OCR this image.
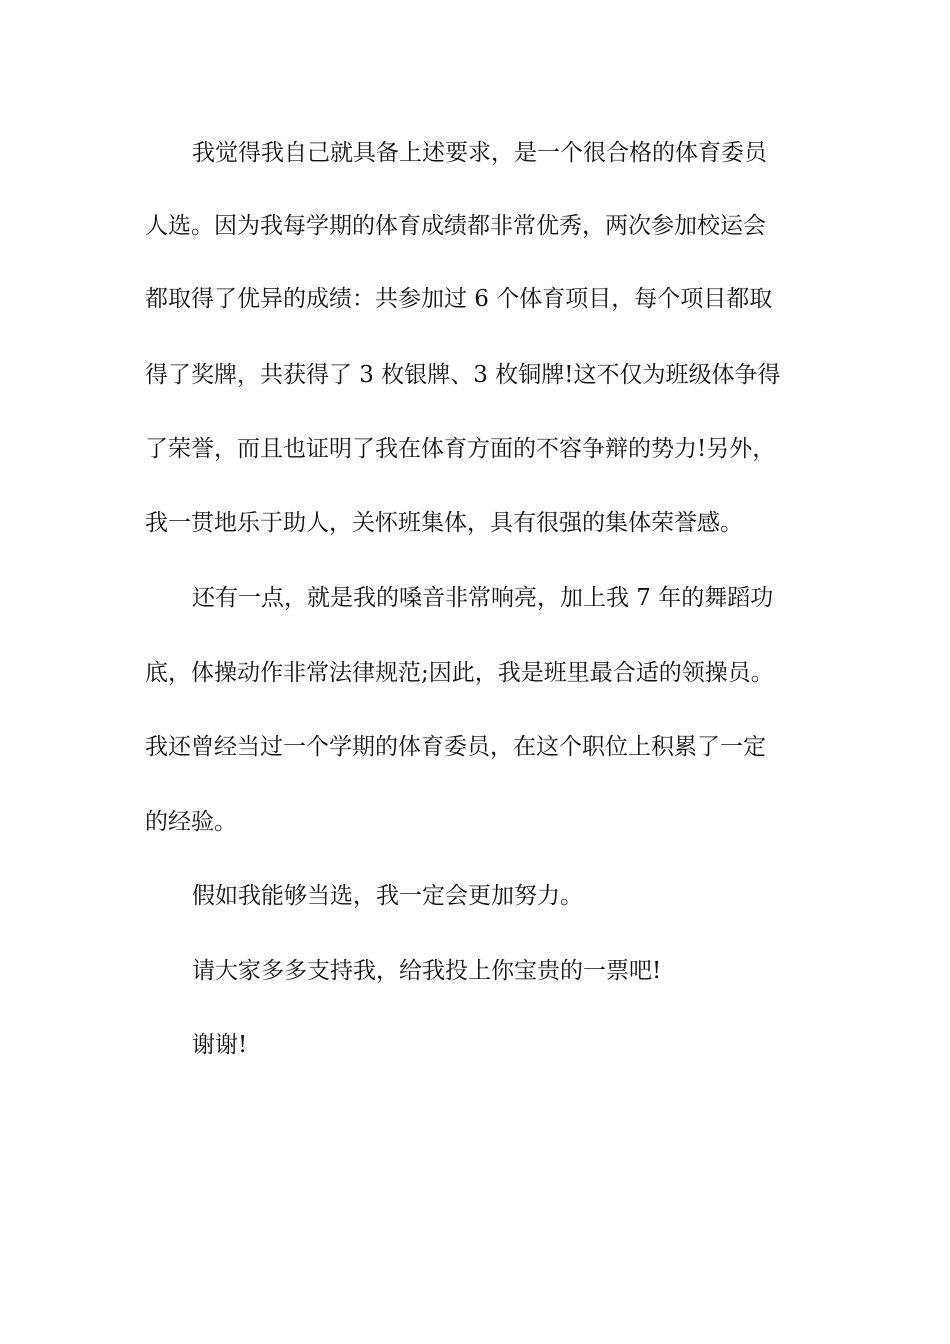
我觉得我自己就具备上述要求，是一个很合格的体育委员
人选。因为我每学期的体育成绩都非常优秀，两次参加校运会
都取得了优异的成绩：共参加过 6 个体育项目，每个项目都取
得了奖牌，共获得了 3 枚银牌、3 枚铜牌!这不仅为班级体争得
了荣誉，而且也证明了我在体育方面的不容争辩的势力!另外，
我一贯地乐于助人，关怀班集体，具有很强的集体荣誉感。
还有一点，就是我的嗓音非常响亮，加上我 7 年的舞蹈功
底，体操动作非常法律规范;因此，我是班里最合适的领操员。
我还曾经当过一个学期的体育委员，在这个职位上积累了一定
的经验。
假如我能够当选，我一定会更加努力。
请大家多多支持我，给我投上你宝贵的一票吧!
谢谢!
